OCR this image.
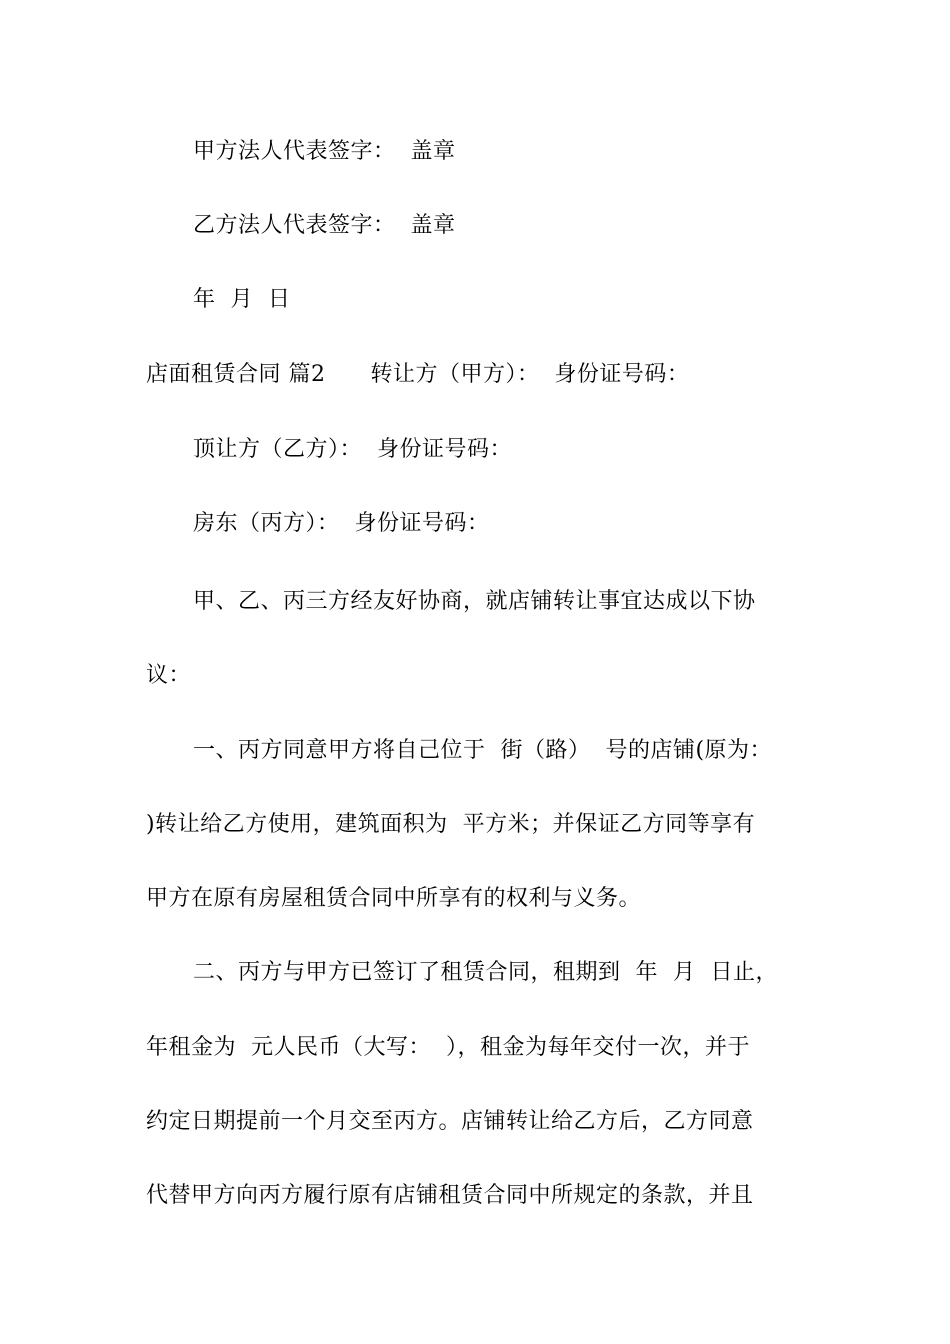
甲方法人代表签字：  盖章
乙方法人代表签字：  盖章
年  月  日
店面租赁合同 篇2      转让方（甲方）：  身份证号码：
顶让方（乙方）：  身份证号码：
房东（丙方）：  身份证号码：
甲、乙、丙三方经友好协商，就店铺转让事宜达成以下协
议：
一、丙方同意甲方将自己位于  街（路）  号的店铺(原为：
)转让给乙方使用，建筑面积为  平方米；并保证乙方同等享有
甲方在原有房屋租赁合同中所享有的权利与义务。
二、丙方与甲方已签订了租赁合同，租期到  年  月  日止，
年租金为  元人民币（大写：  ），租金为每年交付一次，并于
约定日期提前一个月交至丙方。店铺转让给乙方后，乙方同意
代替甲方向丙方履行原有店铺租赁合同中所规定的条款，并且
